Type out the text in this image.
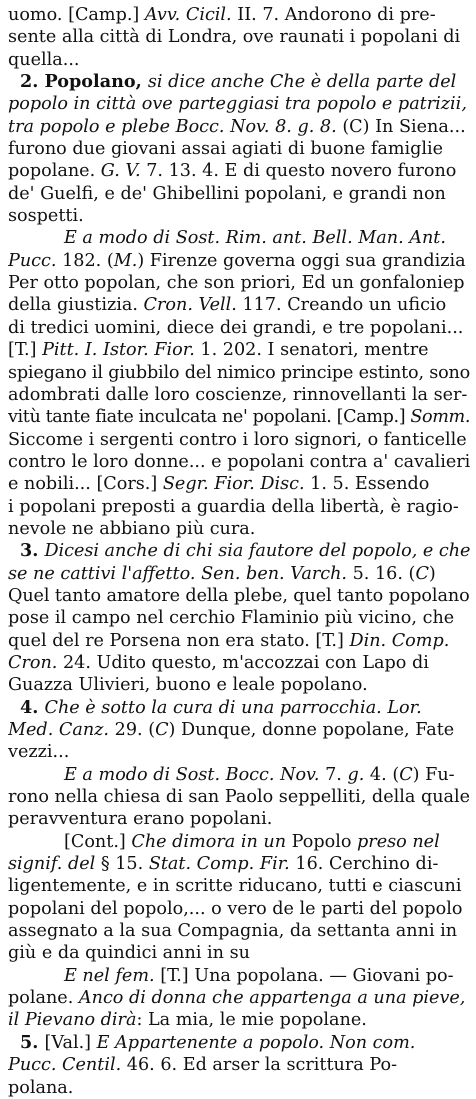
uomo. [Camp.] Avv. Cicil. II. 7. Andorono di pre-
sente alla città di Londra, ove raunati i popolani di
quella...
2. Popolano, si dice anche Che è della parte del
popolo in città ove parteggiasi tra popolo e patrizii,
tra popolo e plebe Bocc. Nov. 8. g. 8. (C) In Siena...
furono due giovani assai agiati di buone famiglie
popolane. G. V. 7. 13. 4. E di questo novero furono
de' Guelfi, e de' Ghibellini popolani, e grandi non
sospetti.
E a modo di Sost. Rim. ant. Bell. Man. Ant.
Pucc. 182. (M.) Firenze governa oggi sua grandizia
Per otto popolan, che son priori, Ed un gonfaloniер
della giustizia. Cron. Vell. 117. Creando un uficio
di tredici uomini, diece dei grandi, e tre popolani...
[T.] Pitt. I. Istor. Fior. 1. 202. I senatori, mentre
spiegano il giubbilo del nimico principe estinto, sono
adombrati dalle loro coscienze, rinnovellanti la ser-
vitù tante fiate inculcata ne' popolani. [Camp.] Somm.
Siccome i sergenti contro i loro signori, o fanticelle
contro le loro donne... e popolani contra a' cavalieri
e nobili... [Cors.] Segr. Fior. Disc. 1. 5. Essendo
i popolani preposti a guardia della libertà, è ragio-
nevole ne abbiano più cura.
3. Dicesi anche di chi sia fautore del popolo, e che
se ne cattivi l'affetto. Sen. ben. Varch. 5. 16. (C)
Quel tanto amatore della plebe, quel tanto popolano
pose il campo nel cerchio Flaminio più vicino, che
quel del re Porsena non era stato. [T.] Din. Comp.
Cron. 24. Udito questo, m'accozzai con Lapo di
Guazza Ulivieri, buono e leale popolano.
4. Che è sotto la cura di una parrocchia. Lor.
Med. Canz. 29. (C) Dunque, donne popolane, Fate
vezzi...
E a modo di Sost. Bocc. Nov. 7. g. 4. (C) Fu-
rono nella chiesa di san Paolo seppelliti, della quale
peravventura erano popolani.
[Cont.] Che dimora in un Popolo preso nel
signif. del § 15. Stat. Comp. Fir. 16. Cerchino di-
ligentemente, e in scritte riducano, tutti e ciascuni
popolani del popolo,... o vero de le parti del popolo
assegnato a la sua Compagnia, da settanta anni in
giù e da quindici anni in su
E nel fem. [T.] Una popolana. — Giovani po-
polane. Anco di donna che appartenga a una pieve,
il Pievano dirà: La mia, le mie popolane.
5. [Val.] E Appartenente a popolo. Non com.
Pucc. Centil. 46. 6. Ed arser la scrittura Po-
polana.
